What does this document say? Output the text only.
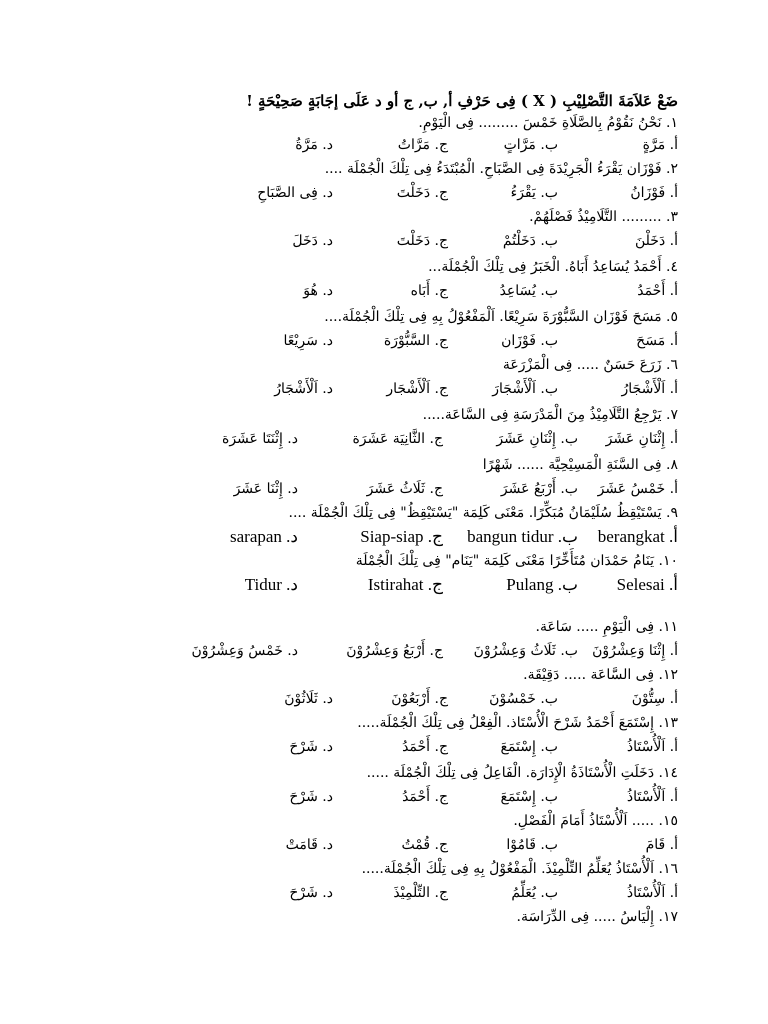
ضَعْ عَلاَمَةَ التَّصْلِيْبِ ( X ) فِى حَرْفِ أ, ب, ج أو د عَلَى إجَابَةٍ صَحِيْحَةٍ !
١. نَحْنُ نَقُوْمُ بِالصَّلَاةِ خَمْسَ ......... فِى الْيَوْمِ.
أ. مَرَّةٍ
ب. مَرَّاتٍ
ج. مَرَّاتُ
د. مَرَّةُ
٢. فَوْزَان يَقْرَءُ الْجَرِيْدَةَ فِى الصَّبَاحِ. الْمُبْتَدَءُ فِى تِلْكَ الْجُمْلَة ....
أ. فَوْزَانُ
ب. يَقْرَءُ
ج. دَخَلْتَ
د. فِى الصَّبَاحِ
٣. ......... التَّلَامِيْذُ فَصْلَهُمْ.
أ. دَخَلْنَ
ب. دَخَلْتُمْ
ج. دَخَلْتَ
د. دَخَلَ
٤. أَحْمَدُ يُسَاعِدُ أَبَاهُ. الْخَبَرُ فِى تِلْكَ الْجُمْلَة...
أ. أَحْمَدُ
ب. يُسَاعِدُ
ج. أَبَاه
د. هُوَ
٥. مَسَحَ فَوْزَان السَّبُّوْرَةَ سَرِيْعًا. اَلْمَفْعُوْلُ بِهِ فِى تِلْكَ الْجُمْلَة....
أ. مَسَحَ
ب. فَوْزَان
ج. السَّبُّوْرَة
د. سَرِيْعًا
٦. زَرَعَ حَسَنٌ ..... فِى الْمَزْرَعَة
أ. اَلْأَشْجَارُ
ب. اَلْأَشْجَارَ
ج. اَلْأَشْجَار
د. اَلْأَشْجَارُ
٧. يَرْجِعُ التَّلَامِيْذُ مِنَ الْمَدْرَسَةِ فِى السَّاعَة.....
أ. إِثْنَانِ عَشَرَ
ب. إِثْنَانِ عَشَرَ
ج. الثَّانِيَة عَشَرَة
د. إِثْنَتَا عَشَرَة
٨. فِى السَّنَةِ الْمَسِيْحِيَّة ...... شَهْرًا
أ. خَمْسُ عَشَرَ
ب. أَرْبَعُ عَشَرَ
ج. ثَلَاثُ عَشَرَ
د. إِثْنَا عَشَرَ
٩. يَسْتَيْقِظُ سُلَيْمَانُ مُبَكِّرًا. مَعْنَى كَلِمَة "يَسْتَيْقِظُ" فِى تِلْكَ الْجُمْلَة ....
أ. berangkat
ب. bangun tidur
ج. Siap-siap
د. sarapan
١٠. يَنَامُ حَمْدَان مُتَأَخِّرًا مَعْنَى كَلِمَة "يَنَام" فِى تِلْكَ الْجُمْلَة
أ. Selesai
ب. Pulang
ج. Istirahat
د. Tidur
١١. فِى الْيَوْمِ ..... سَاعَة.
أ. إِثْنَا وَعِشْرُوْنَ
ب. ثَلَاثُ وَعِشْرُوْنَ
ج. أَرْبَعُ وَعِشْرُوْنَ
د. خَمْسُ وَعِشْرُوْنَ
١٢. فِى السَّاعَة ..... دَقِيْقَة.
أ. سِتُّوْنَ
ب. خَمْسُوْنَ
ج. أَرْبَعُوْنَ
د. ثَلَاثُوْنَ
١٣. إِسْتَمَعَ أَحْمَدُ شَرْحَ الْأُسْتَاذ. الْفِعْلُ فِى تِلْكَ الْجُمْلَة.....
أ. اَلْأُسْتَاذُ
ب. إِسْتَمَعَ
ج. أَحْمَدُ
د. شَرْحَ
١٤. دَخَلَتِ الْأُسْتَاذَةُ الْإِدَارَة. الْفَاعِلُ فِى تِلْكَ الْجُمْلَة .....
أ. اَلْأُسْتَاذُ
ب. إِسْتَمَعَ
ج. أَحْمَدُ
د. شَرْحَ
١٥. ..... اَلْأُسْتَاذُ أَمَامَ الْفَصْلِ.
أ. قَامَ
ب. قَامُوْا
ج. قُمْتُ
د. قَامَتْ
١٦. اَلْأُسْتَاذُ يُعَلِّمُ التِّلْمِيْذَ. الْمَفْعُوْلُ بِهِ فِى تِلْكَ الْجُمْلَة.....
أ. اَلْأُسْتَاذُ
ب. يُعَلِّمُ
ج. التِّلْمِيْذَ
د. شَرْحَ
١٧. إِلْيَاسُ ..... فِى الدِّرَاسَة.
